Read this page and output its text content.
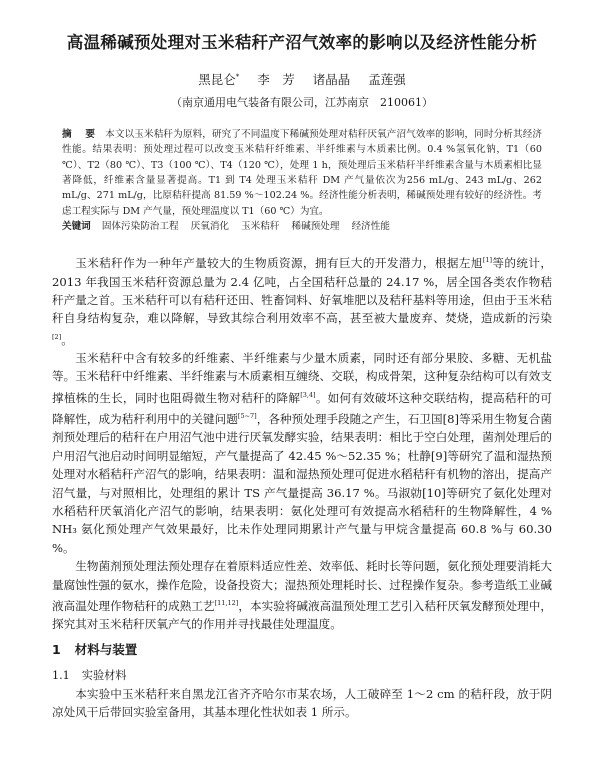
高温稀碱预处理对玉米秸秆产沼气效率的影响以及经济性能分析
黑昆仑* 李　芳 诸晶晶 孟莲强
（南京通用电气装备有限公司，江苏南京　210061）
摘　要 本文以玉米秸秆为原料，研究了不同温度下稀碱预处理对秸秆厌氧产沼气效率的影响，同时分析其经济性能。结果表明：预处理过程可以改变玉米秸秆纤维素、半纤维素与木质素比例。0.4 %氢氧化钠，T1（60 ℃）、T2（80 ℃）、T3（100 ℃）、T4（120 ℃），处理 1 h，预处理后玉米秸秆半纤维素含量与木质素相比显著降低，纤维素含量显著提高。T1 到 T4 处理玉米秸秆 DM 产气量依次为256 mL/g、243 mL/g、262 mL/g、271 mL/g，比原秸秆提高 81.59 %～102.24 %。经济性能分析表明，稀碱预处理有较好的经济性。考虑工程实际与 DM 产气量，预处理温度以 T1（60 ℃）为宜。
关键词 固体污染防治工程 厌氧消化 玉米秸秆 稀碱预处理 经济性能

玉米秸秆作为一种年产量较大的生物质资源，拥有巨大的开发潜力，根据左旭[1]等的统计，2013 年我国玉米秸秆资源总量为 2.4 亿吨，占全国秸秆总量的 24.17 %，居全国各类农作物秸秆产量之首。玉米秸秆可以有秸秆还田、牲畜饲料、好氧堆肥以及秸秆基料等用途，但由于玉米秸秆自身结构复杂，难以降解，导致其综合利用效率不高，甚至被大量废弃、焚烧，造成新的污染[2]。

玉米秸秆中含有较多的纤维素、半纤维素与少量木质素，同时还有部分果胶、多糖、无机盐等。玉米秸秆中纤维素、半纤维素与木质素相互缠绕、交联，构成骨架，这种复杂结构可以有效支撑植株的生长，同时也阻碍微生物对秸秆的降解[3,4]。如何有效破坏这种交联结构，提高秸秆的可降解性，成为秸秆利用中的关键问题[5~7]，各种预处理手段随之产生，石卫国[8]等采用生物复合菌剂预处理后的秸秆在户用沼气池中进行厌氧发酵实验，结果表明：相比于空白处理，菌剂处理后的户用沼气池启动时间明显缩短，产气量提高了 42.45 %～52.35 %；杜静[9]等研究了温和湿热预处理对水稻秸秆产沼气的影响，结果表明：温和湿热预处理可促进水稻秸秆有机物的溶出，提高产沼气量，与对照相比，处理组的累计 TS 产气量提高 36.17 %。马淑勍[10]等研究了氨化处理对水稻秸秆厌氧消化产沼气的影响，结果表明：氨化处理可有效提高水稻秸秆的生物降解性，4 % NH₃ 氨化预处理产气效果最好，比未作处理同期累计产气量与甲烷含量提高 60.8 %与 60.30 %。

生物菌剂预处理法预处理存在着原料适应性差、效率低、耗时长等问题，氨化预处理要消耗大量腐蚀性强的氨水，操作危险，设备投资大；湿热预处理耗时长、过程操作复杂。参考造纸工业碱液高温处理作物秸秆的成熟工艺[11,12]，本实验将碱液高温预处理工艺引入秸秆厌氧发酵预处理中，探究其对玉米秸秆厌氧产气的作用并寻找最佳处理温度。

1 材料与装置
1.1 实验材料

本实验中玉米秸秆来自黑龙江省齐齐哈尔市某农场，人工破碎至 1～2 cm 的秸秆段，放于阴凉处风干后带回实验室备用，其基本理化性状如表 1 所示。
